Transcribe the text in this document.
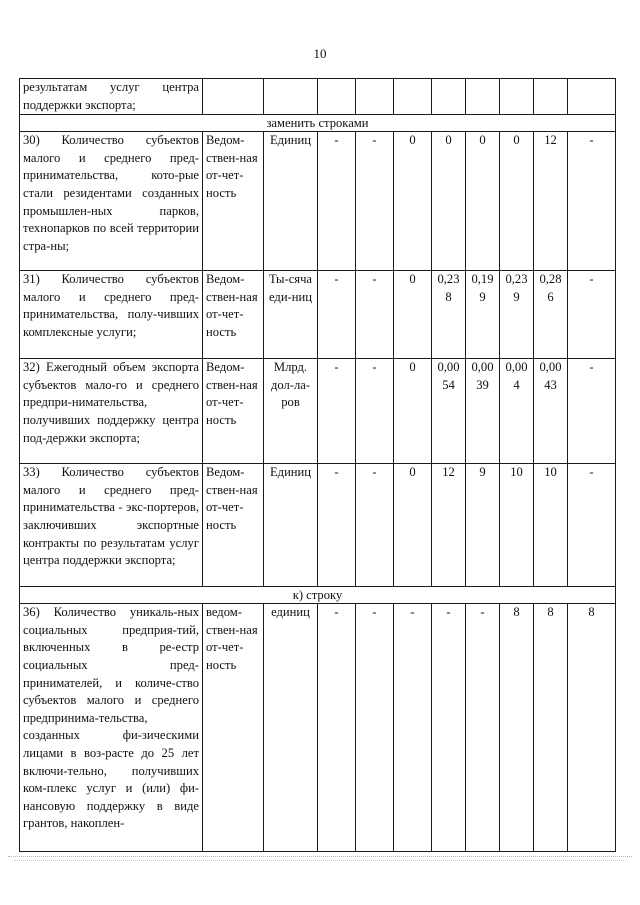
10
результатам услуг центра поддержки экспорта;										
заменить строками										
30) Количество субъектов малого и среднего пред-принимательства, кото-рые стали резидентами созданных промышлен-ных парков, технопарков по всей территории стра-ны;	Ведом-ствен-ная от-чет-ность	Единиц	-	-	0	0	0	0	12	-
31) Количество субъектов малого и среднего пред-принимательства, полу-чивших комплексные услуги;	Ведом-ствен-ная от-чет-ность	Ты-сяча еди-ниц	-	-	0	0,238	0,199	0,239	0,286	-
32) Ежегодный объем экспорта субъектов мало-го и среднего предпри-нимательства, получивших поддержку центра под-держки экспорта;	Ведом-ствен-ная от-чет-ность	Млрд. дол-ла-ров	-	-	0	0,0054	0,0039	0,004	0,0043	-
33) Количество субъектов малого и среднего пред-принимательства - экс-портеров, заключивших экспортные контракты по результатам услуг центра поддержки экспорта;	Ведом-ствен-ная от-чет-ность	Единиц	-	-	0	12	9	10	10	-
к) строку										
36) Количество уникаль-ных социальных предприя-тий, включенных в ре-естр социальных пред-принимателей, и количе-ство субъектов малого и среднего предпринима-тельства, созданных фи-зическими лицами в воз-расте до 25 лет включи-тельно, получивших ком-плекс услуг и (или) фи-нансовую поддержку в виде грантов, накоплен-	ведом-ствен-ная от-чет-ность	единиц	-	-	-	-	-	8	8	8
